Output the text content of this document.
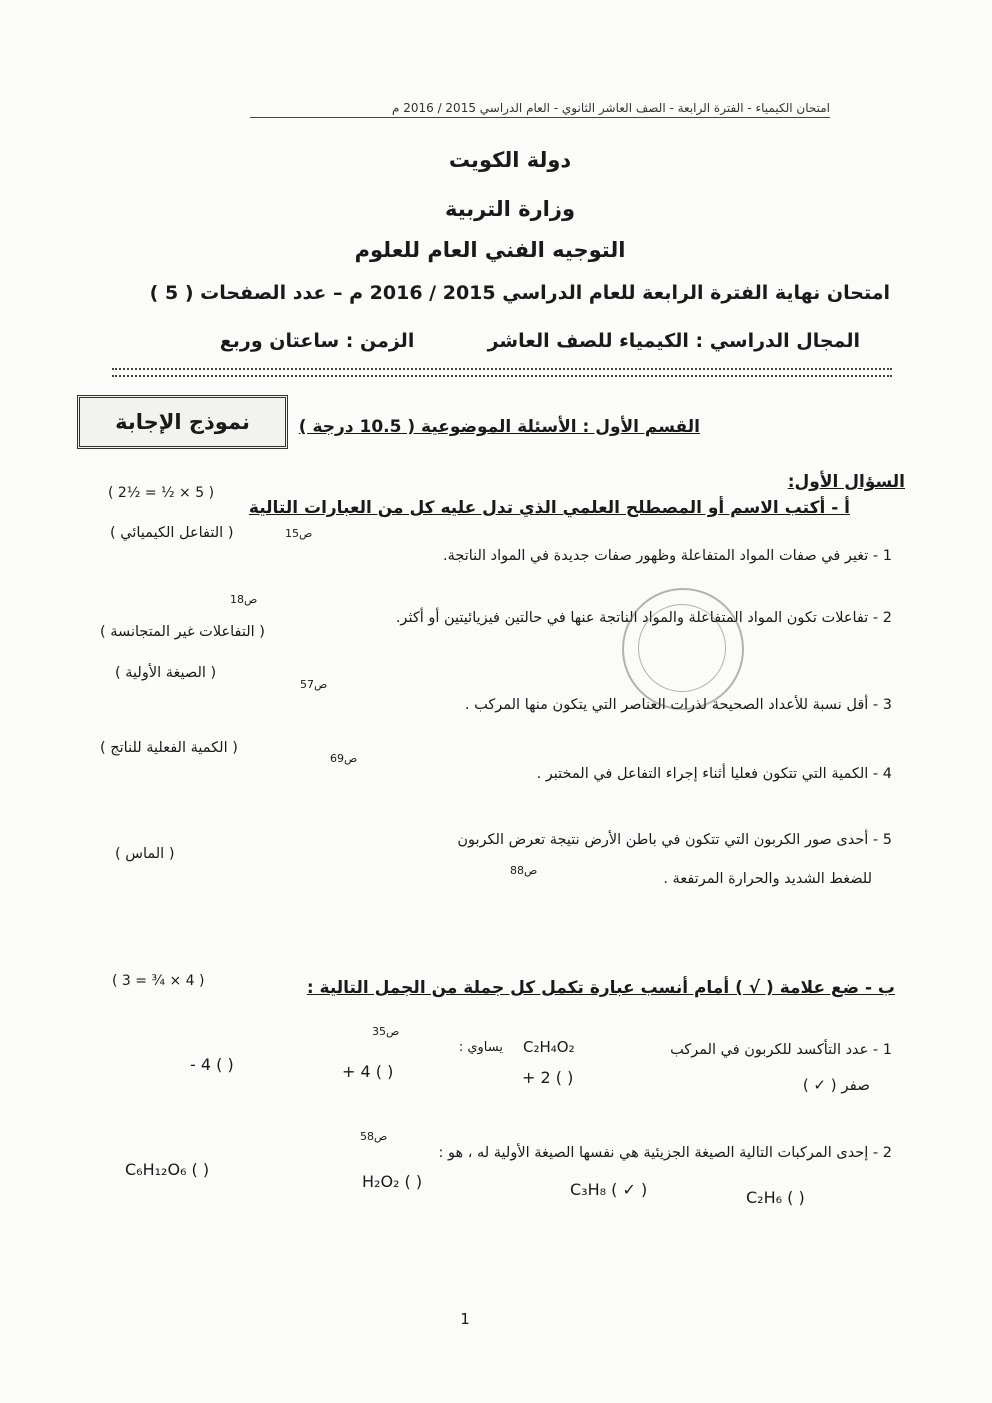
امتحان الكيمياء - الفترة الرابعة - الصف العاشر الثانوي - العام الدراسي 2015 / 2016 م
دولة الكويت
وزارة التربية
التوجيه الفني العام للعلوم
امتحان نهاية الفترة الرابعة للعام الدراسي 2015 / 2016 م – عدد الصفحات ( 5 )
المجال الدراسي : الكيمياء للصف العاشر  الزمن : ساعتان وربع
نموذج الإجابة	القسم الأول : الأسئلة الموضوعية ( 10.5 درجة )
السؤال الأول:
أ - أكتب الاسم أو المصطلح العلمي الذي تدل عليه كل من العبارات التالية
( 2½ = ½ × 5 )
1 - تغير في صفات المواد المتفاعلة وظهور صفات جديدة في المواد الناتجة.
ص15
( التفاعل الكيميائي )
2 - تفاعلات تكون المواد المتفاعلة والمواد الناتجة عنها في حالتين فيزيائيتين أو أكثر.
ص18
( التفاعلات غير المتجانسة )
3 - أقل نسبة للأعداد الصحيحة لذرات العناصر التي يتكون منها المركب .
ص57
( الصيغة الأولية )
4 - الكمية التي تتكون فعليا أثناء إجراء التفاعل في المختبر .
ص69
( الكمية الفعلية للناتج )
5 - أحدى صور الكربون التي تتكون في باطن الأرض نتيجة تعرض الكربون
للضغط الشديد والحرارة المرتفعة .
ص88
( الماس )
ب - ضع علامة ( √ ) أمام أنسب عبارة تكمل كل جملة من الجمل التالية :
( 3 = ¾ × 4 )
1 - عدد التأكسد للكربون في المركب
C₂H₄O₂
يساوي :
ص35
- 4 ( )	+ 4 ( )	+ 2 ( )	صفر ( ✓ )
2 - إحدى المركبات التالية الصيغة الجزيئية هي نفسها الصيغة الأولية له ، هو :
ص58
C₆H₁₂O₆ ( )
H₂O₂ ( )	C₃H₈ ( ✓ )	C₂H₆ ( )
1
